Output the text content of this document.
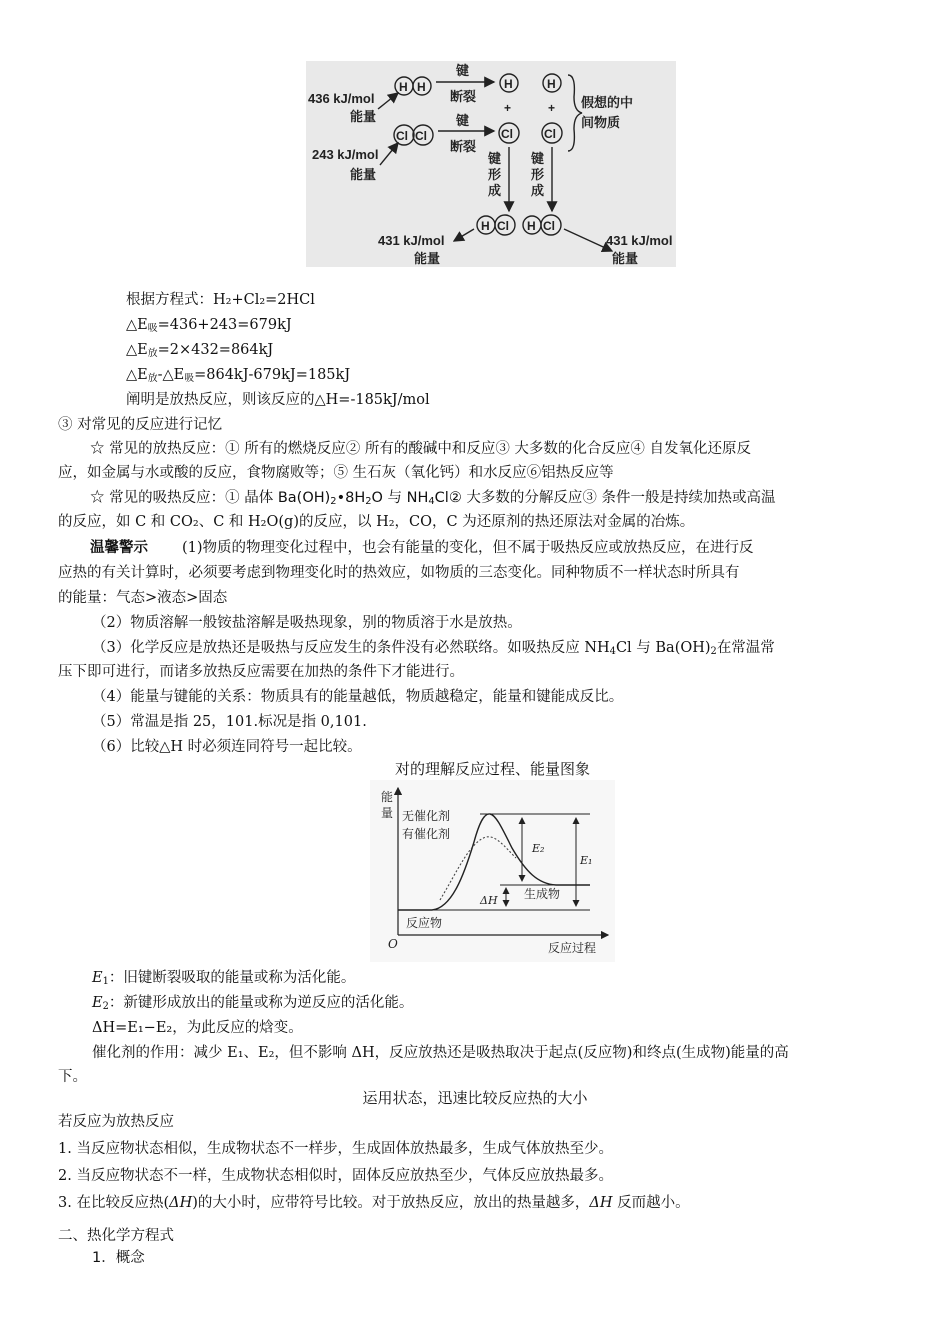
436 kJ/mol
能量
H H
键
断裂
H
+
H
+ 假想的中
间物质
243 kJ/mol
能量
Cl Cl
键
断裂
Cl	Cl
键
形
成
键
形
成
H Cl H Cl
431 kJ/mol
能量
431 kJ/mol
能量
根据方程式：H₂+Cl₂=2HCl
$\triangle E_吸=436+243=679kJ$
$\triangle E_放=2\times 432=864kJ$
$\triangle E_放-\triangle E_吸=864kJ-679kJ=185kJ$
阐明是放热反应，则该反应的△H=-185kJ/mol
③ 对常见的反应进行记忆
☆ 常见的放热反应：① 所有的燃烧反应② 所有的酸碱中和反应③ 大多数的化合反应④ 自发氧化还原反
应，如金属与水或酸的反应，食物腐败等；⑤ 生石灰（氧化钙）和水反应⑥铝热反应等
☆ 常见的吸热反应：① 晶体 $Ba(OH)_2•8H_2O$ 与 $NH_4Cl②$ 大多数的分解反应③ 条件一般是持续加热或高温
的反应，如 C 和 CO₂、C 和 H₂O(g)的反应，以 H₂，CO，C 为还原剂的热还原法对金属的冶炼。
温馨警示 (1)物质的物理变化过程中，也会有能量的变化，但不属于吸热反应或放热反应，在进行反
应热的有关计算时，必须要考虑到物理变化时的热效应，如物质的三态变化。同种物质不一样状态时所具有
的能量：气态>液态>固态
（2）物质溶解一般铵盐溶解是吸热现象，别的物质溶于水是放热。
（3）化学反应是放热还是吸热与反应发生的条件没有必然联络。如吸热反应 $NH_4Cl$ 与 $Ba(OH)_2$在常温常
压下即可进行，而诸多放热反应需要在加热的条件下才能进行。
（4）能量与键能的关系：物质具有的能量越低，物质越稳定，能量和键能成反比。
（5）常温是指 25，101.标况是指 0,101.
（6）比较△H 时必须连同符号一起比较。
对的理解反应过程、能量图象
能
量
O	反应过程
无催化剂
有催化剂
反应物
生成物
E₂
E₁
ΔH
$E_1$：旧键断裂吸取的能量或称为活化能。
$E_2$：新键形成放出的能量或称为逆反应的活化能。
ΔH=E₁−E₂，为此反应的焓变。
催化剂的作用：减少 E₁、E₂，但不影响 ΔH，反应放热还是吸热取决于起点(反应物)和终点(生成物)能量的高
下。
运用状态，迅速比较反应热的大小
若反应为放热反应
1. 当反应物状态相似，生成物状态不一样步，生成固体放热最多，生成气体放热至少。
2. 当反应物状态不一样，生成物状态相似时，固体反应放热至少，气体反应放热最多。
3. 在比较反应热(ΔH)的大小时，应带符号比较。对于放热反应，放出的热量越多，ΔH 反而越小。
二、热化学方程式
1．概念
